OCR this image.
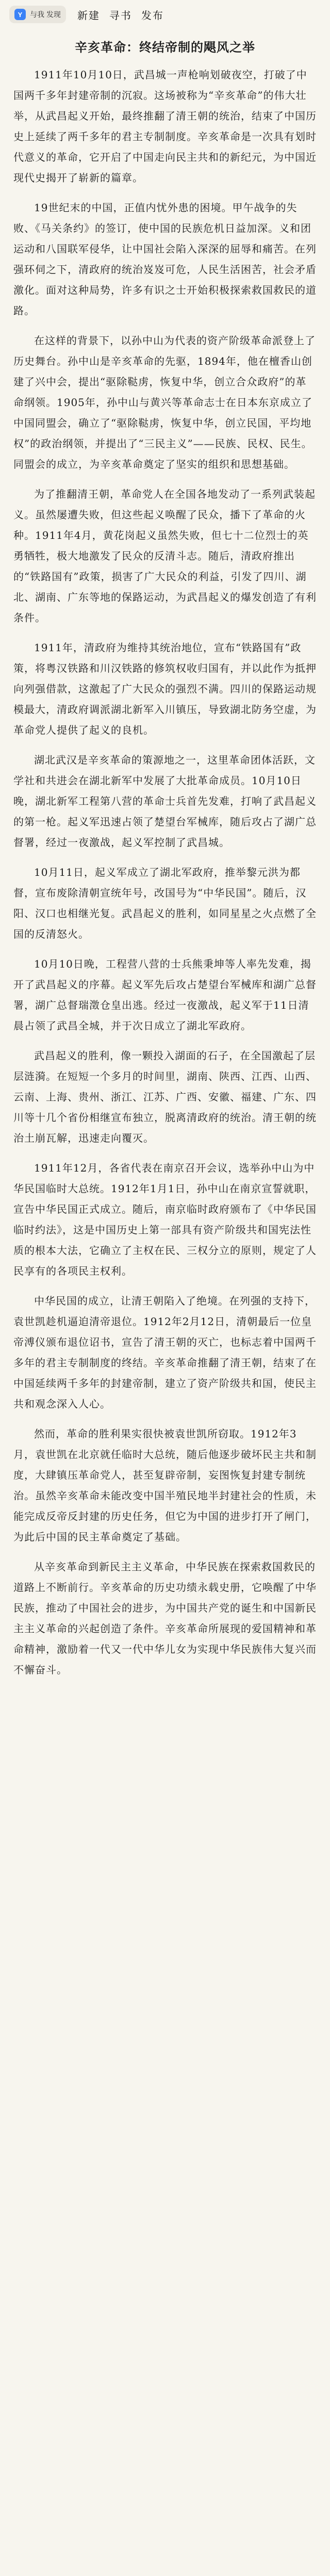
Y	与我 发现 新建 寻书 发布
辛亥革命：终结帝制的飓风之举

1911年10月10日，武昌城一声枪响划破夜空，打破了中国两千多年封建帝制的沉寂。这场被称为“辛亥革命”的伟大壮举，从武昌起义开始，最终推翻了清王朝的统治，结束了中国历史上延续了两千多年的君主专制制度。辛亥革命是一次具有划时代意义的革命，它开启了中国走向民主共和的新纪元，为中国近现代史揭开了崭新的篇章。

19世纪末的中国，正值内忧外患的困境。甲午战争的失败、《马关条约》的签订，使中国的民族危机日益加深。义和团运动和八国联军侵华，让中国社会陷入深深的屈辱和痛苦。在列强环伺之下，清政府的统治岌岌可危，人民生活困苦，社会矛盾激化。面对这种局势，许多有识之士开始积极探索救国救民的道路。

在这样的背景下，以孙中山为代表的资产阶级革命派登上了历史舞台。孙中山是辛亥革命的先驱，1894年，他在檀香山创建了兴中会，提出“驱除鞑虏，恢复中华，创立合众政府”的革命纲领。1905年，孙中山与黄兴等革命志士在日本东京成立了中国同盟会，确立了“驱除鞑虏，恢复中华，创立民国，平均地权”的政治纲领，并提出了“三民主义”——民族、民权、民生。同盟会的成立，为辛亥革命奠定了坚实的组织和思想基础。

为了推翻清王朝，革命党人在全国各地发动了一系列武装起义。虽然屡遭失败，但这些起义唤醒了民众，播下了革命的火种。1911年4月，黄花岗起义虽然失败，但七十二位烈士的英勇牺牲，极大地激发了民众的反清斗志。随后，清政府推出的“铁路国有”政策，损害了广大民众的利益，引发了四川、湖北、湖南、广东等地的保路运动，为武昌起义的爆发创造了有利条件。

1911年，清政府为维持其统治地位，宣布“铁路国有”政策，将粤汉铁路和川汉铁路的修筑权收归国有，并以此作为抵押向列强借款，这激起了广大民众的强烈不满。四川的保路运动规模最大，清政府调派湖北新军入川镇压，导致湖北防务空虚，为革命党人提供了起义的良机。

湖北武汉是辛亥革命的策源地之一，这里革命团体活跃，文学社和共进会在湖北新军中发展了大批革命成员。10月10日晚，湖北新军工程第八营的革命士兵首先发难，打响了武昌起义的第一枪。起义军迅速占领了楚望台军械库，随后攻占了湖广总督署，经过一夜激战，起义军控制了武昌城。

10月11日，起义军成立了湖北军政府，推举黎元洪为都督，宣布废除清朝宣统年号，改国号为“中华民国”。随后，汉阳、汉口也相继光复。武昌起义的胜利，如同星星之火点燃了全国的反清怒火。

10月10日晚，工程营八营的士兵熊秉坤等人率先发难，揭开了武昌起义的序幕。起义军先后攻占楚望台军械库和湖广总督署，湖广总督瑞澂仓皇出逃。经过一夜激战，起义军于11日清晨占领了武昌全城，并于次日成立了湖北军政府。

武昌起义的胜利，像一颗投入湖面的石子，在全国激起了层层涟漪。在短短一个多月的时间里，湖南、陕西、江西、山西、云南、上海、贵州、浙江、江苏、广西、安徽、福建、广东、四川等十几个省份相继宣布独立，脱离清政府的统治。清王朝的统治土崩瓦解，迅速走向覆灭。

1911年12月，各省代表在南京召开会议，选举孙中山为中华民国临时大总统。1912年1月1日，孙中山在南京宣誓就职，宣告中华民国正式成立。随后，南京临时政府颁布了《中华民国临时约法》，这是中国历史上第一部具有资产阶级共和国宪法性质的根本大法，它确立了主权在民、三权分立的原则，规定了人民享有的各项民主权利。

中华民国的成立，让清王朝陷入了绝境。在列强的支持下，袁世凯趁机逼迫清帝退位。1912年2月12日，清朝最后一位皇帝溥仪颁布退位诏书，宣告了清王朝的灭亡，也标志着中国两千多年的君主专制制度的终结。辛亥革命推翻了清王朝，结束了在中国延续两千多年的封建帝制，建立了资产阶级共和国，使民主共和观念深入人心。

然而，革命的胜利果实很快被袁世凯所窃取。1912年3月，袁世凯在北京就任临时大总统，随后他逐步破坏民主共和制度，大肆镇压革命党人，甚至复辟帝制，妄图恢复封建专制统治。虽然辛亥革命未能改变中国半殖民地半封建社会的性质，未能完成反帝反封建的历史任务，但它为中国的进步打开了闸门，为此后中国的民主革命奠定了基础。

从辛亥革命到新民主主义革命，中华民族在探索救国救民的道路上不断前行。辛亥革命的历史功绩永载史册，它唤醒了中华民族，推动了中国社会的进步，为中国共产党的诞生和中国新民主主义革命的兴起创造了条件。辛亥革命所展现的爱国精神和革命精神，激励着一代又一代中华儿女为实现中华民族伟大复兴而不懈奋斗。
